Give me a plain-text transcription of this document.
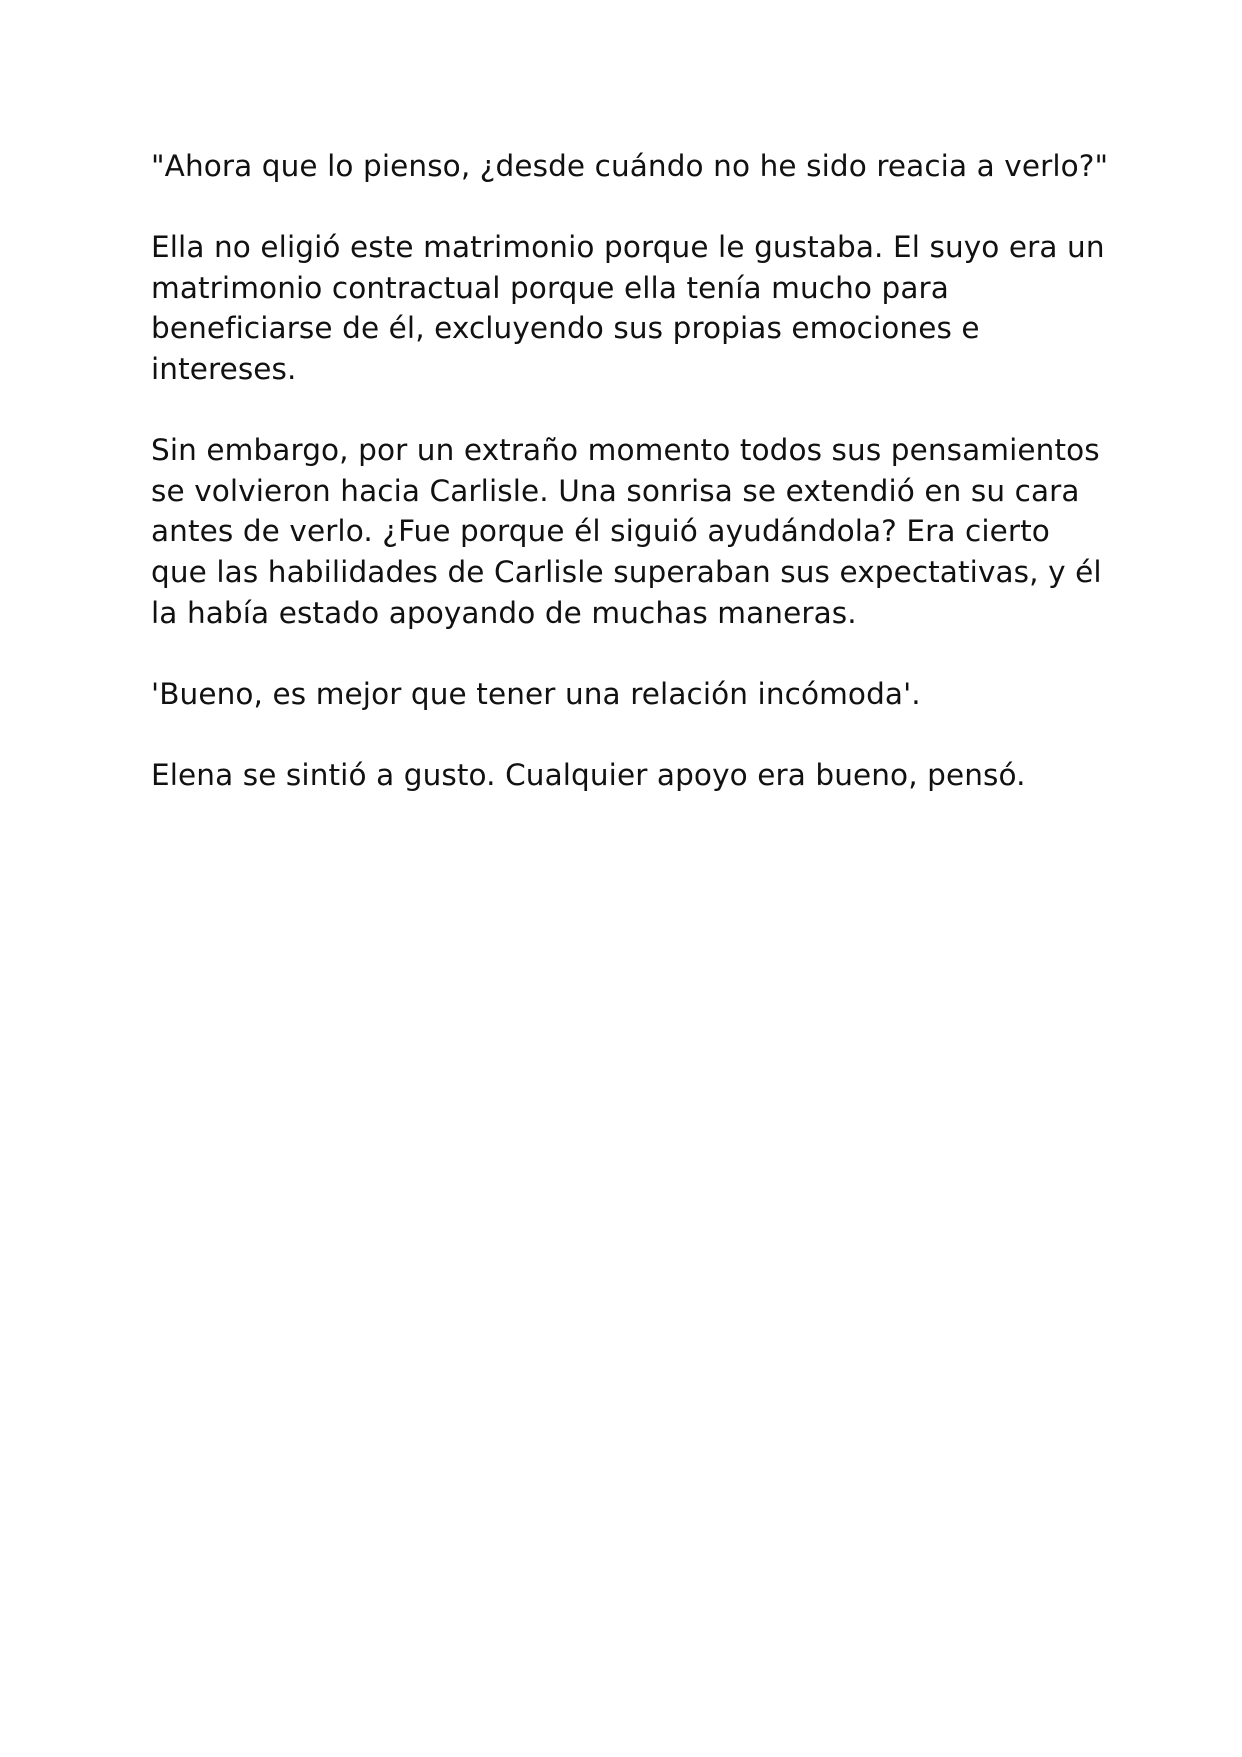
"Ahora que lo pienso, ¿desde cuándo no he sido reacia a verlo?"

Ella no eligió este matrimonio porque le gustaba. El suyo era un matrimonio contractual porque ella tenía mucho para beneficiarse de él, excluyendo sus propias emociones e intereses.

Sin embargo, por un extraño momento todos sus pensamientos se volvieron hacia Carlisle. Una sonrisa se extendió en su cara antes de verlo. ¿Fue porque él siguió ayudándola? Era cierto que las habilidades de Carlisle superaban sus expectativas, y él la había estado apoyando de muchas maneras.

'Bueno, es mejor que tener una relación incómoda'.

Elena se sintió a gusto. Cualquier apoyo era bueno, pensó.
